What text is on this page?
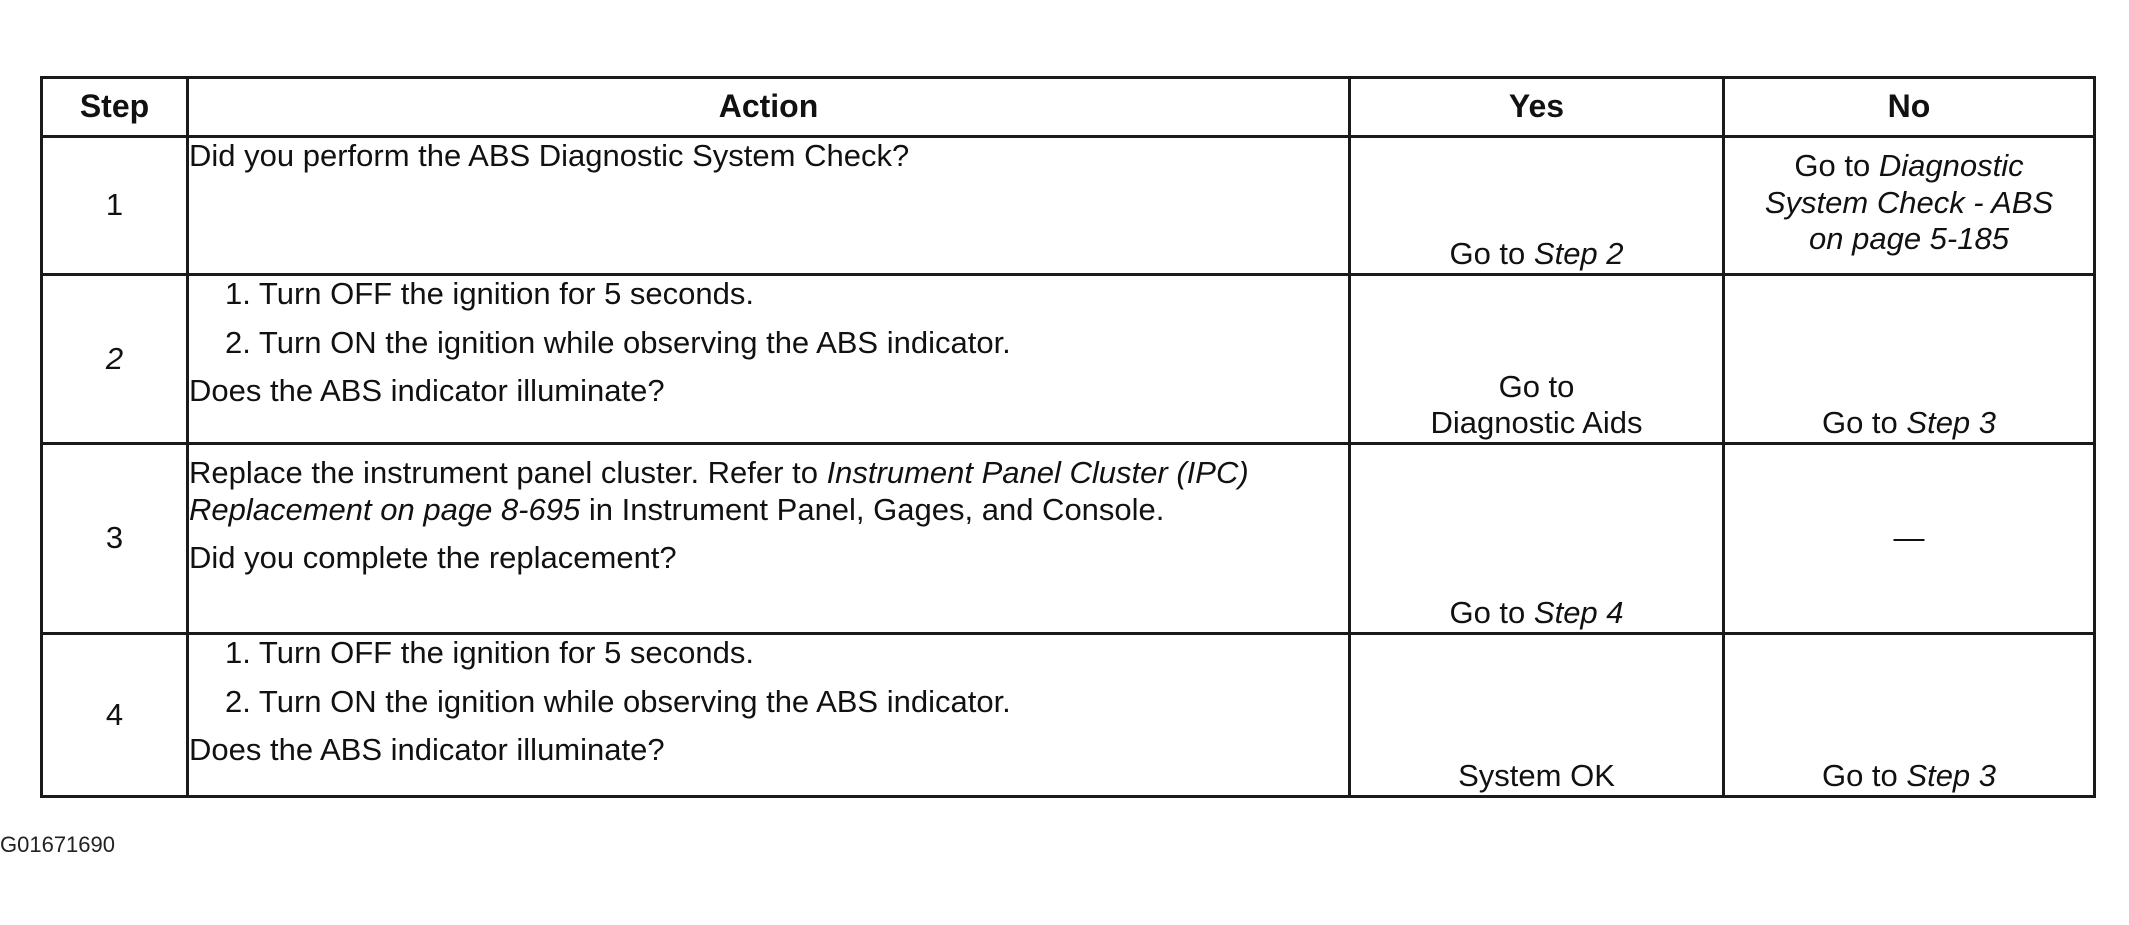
Step	Action	Yes	No
1	Did you perform the ABS Diagnostic System Check?	Go to Step 2	Go to Diagnostic
System Check - ABS
on page 5-185

2	1. Turn OFF the ignition for 5 seconds.
2. Turn ON the ignition while observing the ABS indicator.
Does the ABS indicator illuminate?	Go to
Diagnostic Aids	Go to Step 3
3	Replace the instrument panel cluster. Refer to Instrument Panel Cluster (IPC) Replacement on page 8-695 in Instrument Panel, Gages, and Console.
Did you complete the replacement?	Go to Step 4	—
4	1. Turn OFF the ignition for 5 seconds.
2. Turn ON the ignition while observing the ABS indicator.
Does the ABS indicator illuminate?	System OK	Go to Step 3
G01671690
